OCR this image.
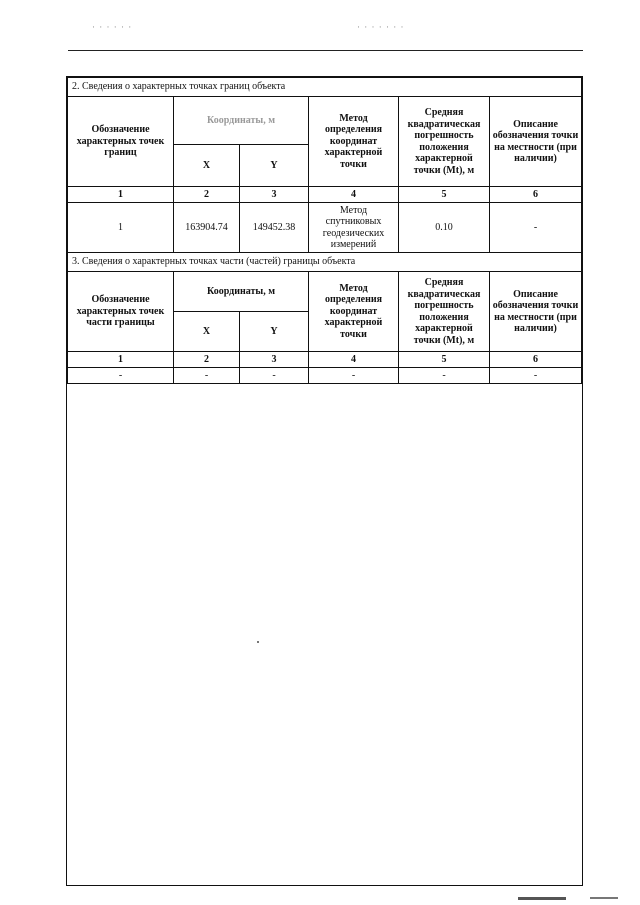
· · · · · ·	· · · · · · ·
2. Сведения о характерных точках границ объекта					
Обозначение характерных точек границ	Координаты, м		Метод определения координат характерной точки	Средняя квадратическая погрешность положения характерной точки (Mt), м	Описание обозначения точки на местности (при наличии)
	X	Y			
1	2	3	4	5	6
1	163904.74	149452.38	Метод спутниковых геодезических измерений	0.10	-
3. Сведения о характерных точках части (частей) границы объекта					
Обозначение характерных точек части границы	Координаты, м		Метод определения координат характерной точки	Средняя квадратическая погрешность положения характерной точки (Mt), м	Описание обозначения точки на местности (при наличии)
	X	Y			
1	2	3	4	5	6
-	-	-	-	-	-
